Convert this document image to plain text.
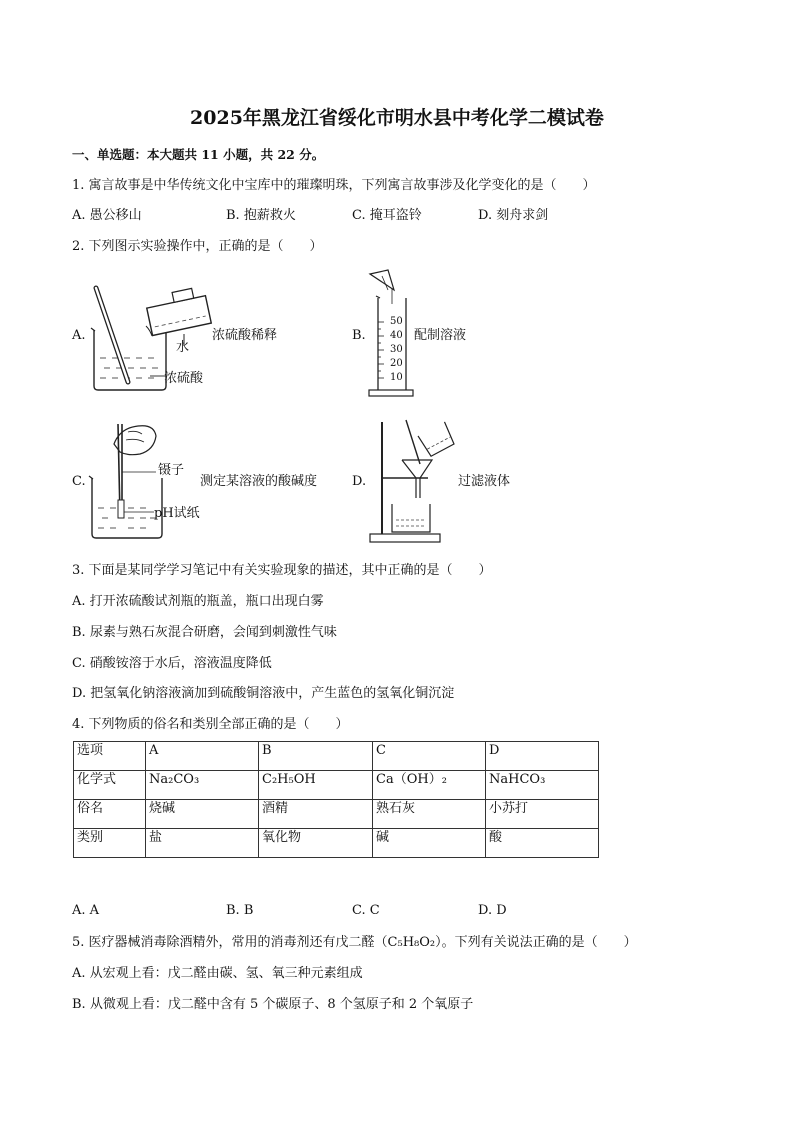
2025年黑龙江省绥化市明水县中考化学二模试卷
一、单选题：本大题共 11 小题，共 22 分。
1. 寓言故事是中华传统文化中宝库中的璀璨明珠，下列寓言故事涉及化学变化的是（　　）
A. 愚公移山	B. 抱薪救火	C. 掩耳盗铃	D. 刻舟求剑
2. 下列图示实验操作中，正确的是（　　）
A.
水
浓硫酸稀释
浓硫酸
B.
50
40
30
20
10
配制溶液
C.
镊子
pH试纸
测定某溶液的酸碱度	D.	过滤液体
3. 下面是某同学学习笔记中有关实验现象的描述，其中正确的是（　　）
A. 打开浓硫酸试剂瓶的瓶盖，瓶口出现白雾
B. 尿素与熟石灰混合研磨，会闻到刺激性气味
C. 硝酸铵溶于水后，溶液温度降低
D. 把氢氧化钠溶液滴加到硫酸铜溶液中，产生蓝色的氢氧化铜沉淀
4. 下列物质的俗名和类别全部正确的是（　　）
选项	A	B	C	D
化学式	Na₂CO₃	C₂H₅OH	Ca（OH）₂	NaHCO₃
俗名	烧碱	酒精	熟石灰	小苏打
类别	盐	氧化物	碱	酸
A. A	B. B	C. C	D. D
5. 医疗器械消毒除酒精外，常用的消毒剂还有戊二醛（C₅H₈O₂）。下列有关说法正确的是（　　）
A. 从宏观上看：戊二醛由碳、氢、氧三种元素组成
B. 从微观上看：戊二醛中含有 5 个碳原子、8 个氢原子和 2 个氧原子
